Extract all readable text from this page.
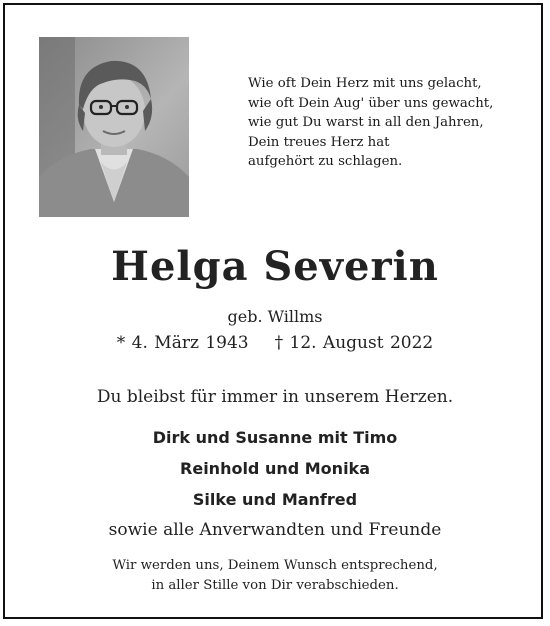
Wie oft Dein Herz mit uns gelacht,
wie oft Dein Aug' über uns gewacht,
wie gut Du warst in all den Jahren,
Dein treues Herz hat
aufgehört zu schlagen.
Helga Severin
geb. Willms
* 4. März 1943 † 12. August 2022
Du bleibst für immer in unserem Herzen.
Dirk und Susanne mit Timo
Reinhold und Monika
Silke und Manfred
sowie alle Anverwandten und Freunde
Wir werden uns, Deinem Wunsch entsprechend,
in aller Stille von Dir verabschieden.
